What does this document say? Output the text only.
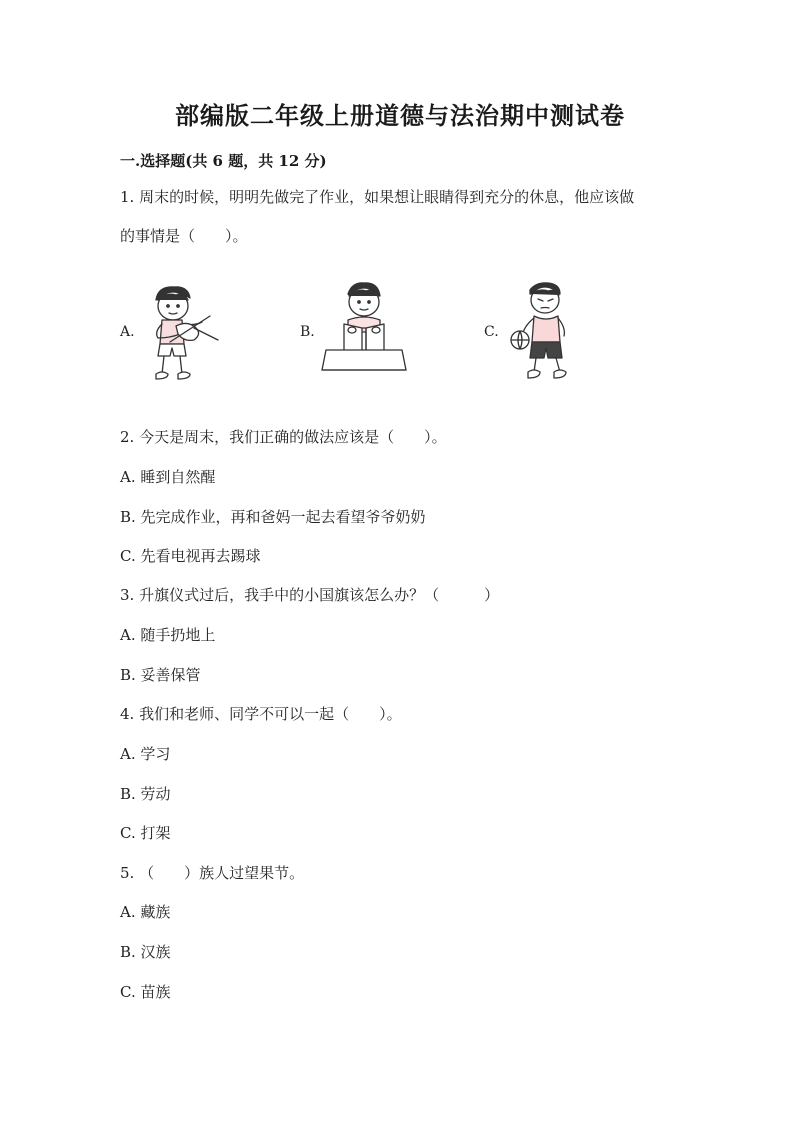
部编版二年级上册道德与法治期中测试卷
一.选择题(共 6 题，共 12 分)
1. 周末的时候，明明先做完了作业，如果想让眼睛得到充分的休息，他应该做
的事情是（　　）。
A.	B.	C.
2. 今天是周末，我们正确的做法应该是（　　）。
A. 睡到自然醒
B. 先完成作业，再和爸妈一起去看望爷爷奶奶
C. 先看电视再去踢球
3. 升旗仪式过后，我手中的小国旗该怎么办？（　　　）
A. 随手扔地上
B. 妥善保管
4. 我们和老师、同学不可以一起（　　）。
A. 学习
B. 劳动
C. 打架
5. （　　）族人过望果节。
A. 藏族
B. 汉族
C. 苗族
